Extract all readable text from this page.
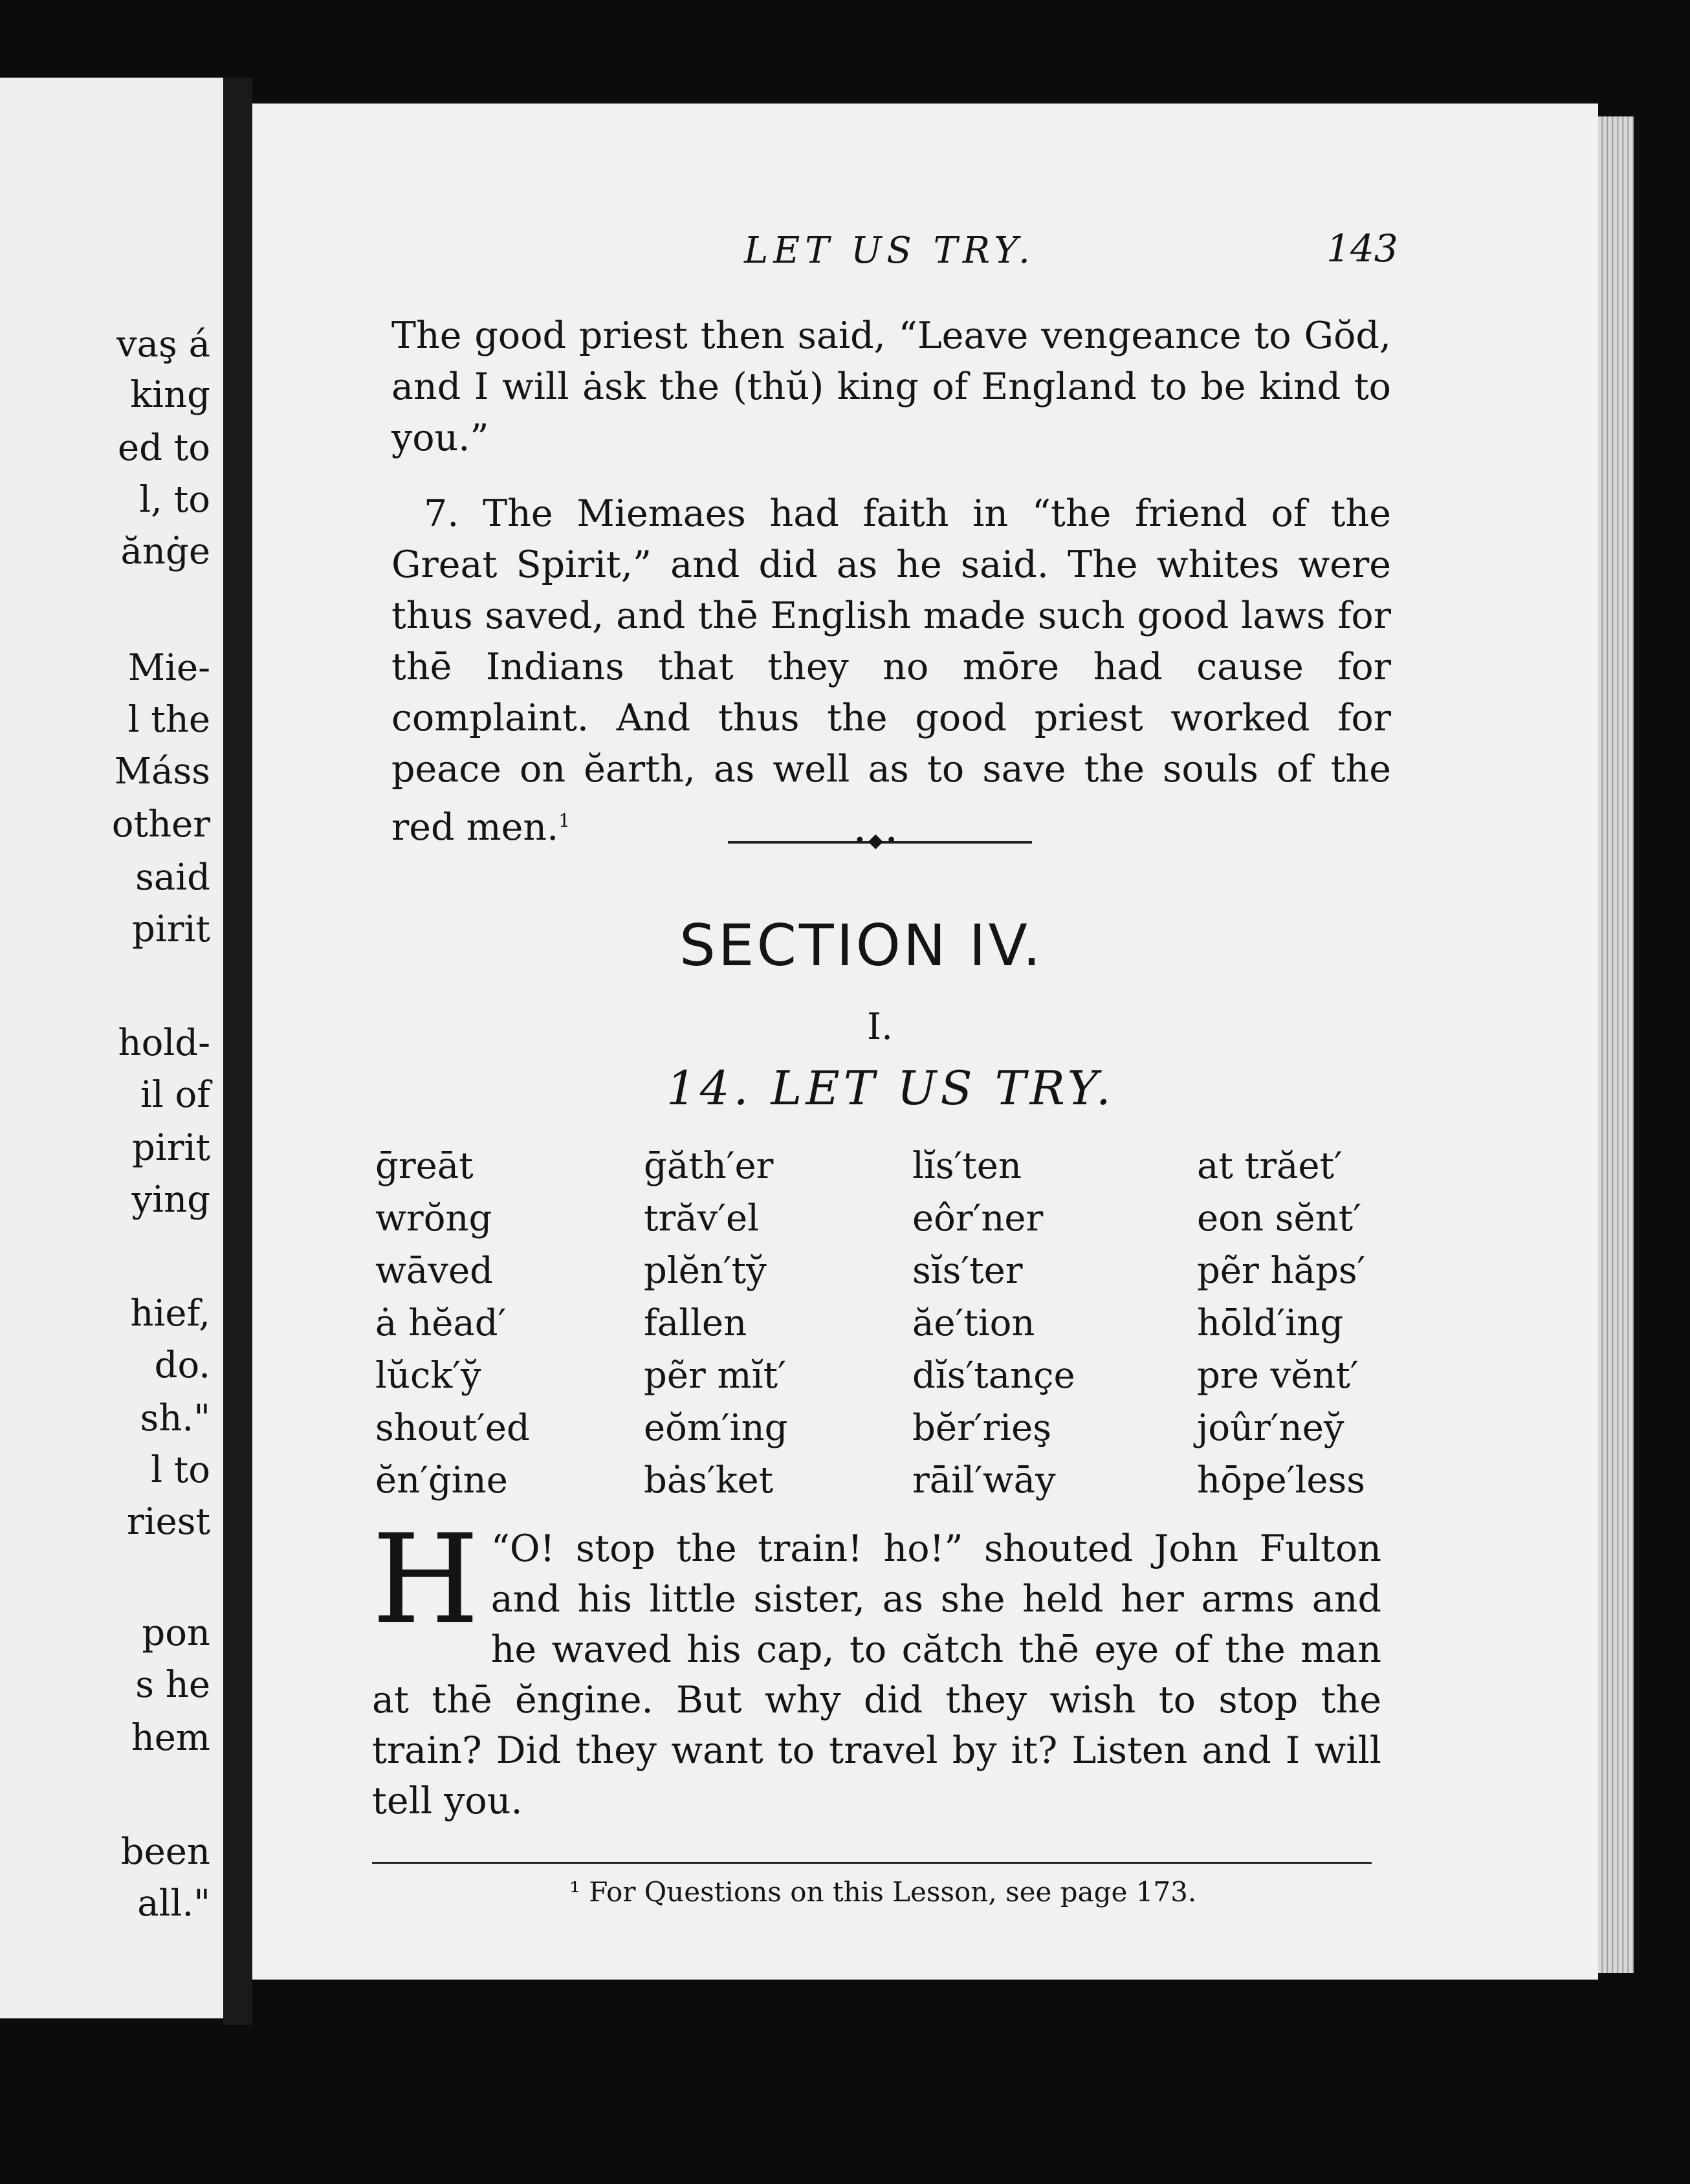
vaş á
king
ed to
l, to
ănġe
Mie-
l the
Máss
other
said
pirit
hold-
il of
pirit
ying
hief,
do.
sh."
l to
riest
pon
s he
hem
been
all."
LET US TRY.	143
The good priest then said, “Leave vengeance to Gŏd, and I will ȧsk the (thŭ) king of England to be kind to you.”
7. The Miemaes had faith in “the friend of the Great Spirit,” and did as he said. The whites were thus saved, and thē English made such good laws for thē Indians that they no mōre had cause for complaint. And thus the good priest worked for peace on ĕarth, as well as to save the souls of the red men.$^1$
•◆•
SECTION IV.
I.
14. LET US TRY.
ḡreāt
wrŏng
wāved
ȧ hĕad′
lŭck′y̆
shout′ed
ĕn′ġine
ḡăth′er
trăv′el
plĕn′ty̆
fallen
pẽr mĭt′
eŏm′ing
bȧs′ket
lĭs′ten
eôr′ner
sĭs′ter
ăe′tion
dĭs′tançe
bĕr′rieş
rāil′wāy
at trăet′
eon sĕnt′
pẽr hăps′
hōld′ing
pre vĕnt′
joûr′ney̆
hōpe′less
“
H O! stop the train! ho!” shouted John Fulton and his little sister, as she held her arms and he waved his cap, to cătch thē eye of the man at thē ĕngine. But why did they wish to stop the train? Did they want to travel by it? Listen and I will tell you.
¹ For Questions on this Lesson, see page 173.
